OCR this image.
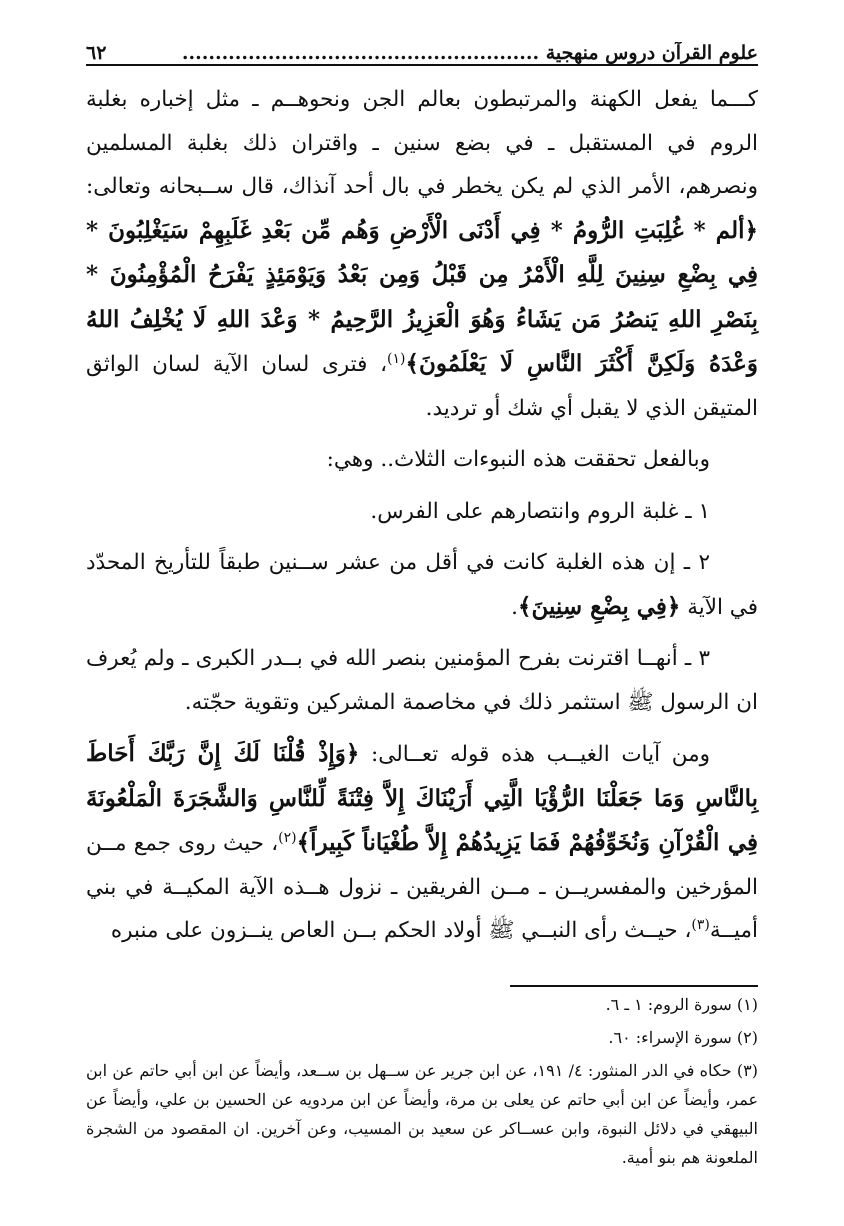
علوم القرآن دروس منهجية ......................................................
٦٢

كـــما يفعل الكهنة والمرتبطون بعالم الجن ونحوهــم ـ مثل إخباره بغلبة الروم في المستقبل ـ في بضع سنين ـ واقتران ذلك بغلبة المسلمين ونصرهم، الأمر الذي لم يكن يخطر في بال أحد آنذاك، قال ســبحانه وتعالى: ﴿ألم * غُلِبَتِ الرُّومُ * فِي أَدْنَى الْأَرْضِ وَهُم مِّن بَعْدِ غَلَبِهِمْ سَيَغْلِبُونَ * فِي بِضْعِ سِنِينَ لِلَّهِ الْأَمْرُ مِن قَبْلُ وَمِن بَعْدُ وَيَوْمَئِذٍ يَفْرَحُ الْمُؤْمِنُونَ * بِنَصْرِ اللهِ يَنصُرُ مَن يَشَاءُ وَهُوَ الْعَزِيزُ الرَّحِيمُ * وَعْدَ اللهِ لَا يُخْلِفُ اللهُ وَعْدَهُ وَلَكِنَّ أَكْثَرَ النَّاسِ لَا يَعْلَمُونَ﴾$^{(١)}$، فترى لسان الآية لسان الواثق المتيقن الذي لا يقبل أي شك أو ترديد.

وبالفعل تحققت هذه النبوءات الثلاث.. وهي:

١ ـ غلبة الروم وانتصارهم على الفرس.

٢ ـ إن هذه الغلبة كانت في أقل من عشر ســنين طبقاً للتأريخ المحدّد في الآية ﴿فِي بِضْعِ سِنِينَ﴾.

٣ ـ أنهــا اقترنت بفرح المؤمنين بنصر الله في بــدر الكبرى ـ ولم يُعرف ان الرسول ﷺ استثمر ذلك في مخاصمة المشركين وتقوية حجّته.

ومن آيات الغيــب هذه قوله تعــالى: ﴿وَإِذْ قُلْنَا لَكَ إِنَّ رَبَّكَ أَحَاطَ بِالنَّاسِ وَمَا جَعَلْنَا الرُّؤْيَا الَّتِي أَرَيْنَاكَ إِلاَّ فِتْنَةً لِّلنَّاسِ وَالشَّجَرَةَ الْمَلْعُونَةَ فِي الْقُرْآنِ وَنُخَوِّفُهُمْ فَمَا يَزِيدُهُمْ إِلاَّ طُغْيَاناً كَبِيراً﴾$^{(٢)}$، حيث روى جمع مــن المؤرخين والمفسريــن ـ مــن الفريقين ـ نزول هــذه الآية المكيــة في بني أميــة$^{(٣)}$، حيــث رأى النبــي ﷺ أولاد الحكم بــن العاص ينــزون على منبره

(١) سورة الروم: ١ ـ ٦.

(٢) سورة الإسراء: ٦٠.

(٣) حكاه في الدر المنثور: ٤/ ١٩١، عن ابن جرير عن ســهل بن ســعد، وأيضاً عن ابن أبي حاتم عن ابن عمر، وأيضاً عن ابن أبي حاتم عن يعلى بن مرة، وأيضاً عن ابن مردويه عن الحسين بن علي، وأيضاً عن البيهقي في دلائل النبوة، وابن عســاكر عن سعيد بن المسيب، وعن آخرين. ان المقصود من الشجرة الملعونة هم بنو أمية.
